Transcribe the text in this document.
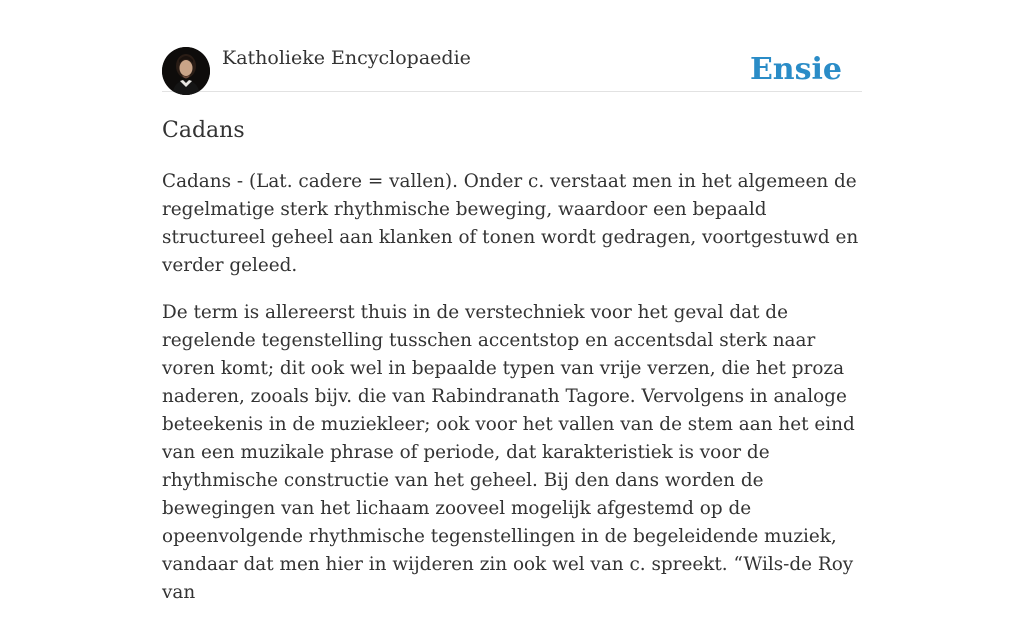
Katholieke Encyclopaedie	Ensie
Cadans

Cadans - (Lat. cadere = vallen). Onder c. verstaat men in het algemeen de regelmatige sterk rhythmische beweging, waardoor een bepaald structureel geheel aan klanken of tonen wordt gedragen, voortgestuwd en verder geleed.

De term is allereerst thuis in de verstechniek voor het geval dat de regelende tegenstelling tusschen accentstop en accentsdal sterk naar voren komt; dit ook wel in bepaalde typen van vrije verzen, die het proza naderen, zooals bijv. die van Rabindranath Tagore. Vervolgens in analoge beteekenis in de muziekleer; ook voor het vallen van de stem aan het eind van een muzikale phrase of periode, dat karakteristiek is voor de rhythmische constructie van het geheel. Bij den dans worden de bewegingen van het lichaam zooveel mogelijk afgestemd op de opeenvolgende rhythmische tegenstellingen in de begeleidende muziek, vandaar dat men hier in wijderen zin ook wel van c. spreekt. “Wils-de Roy van
